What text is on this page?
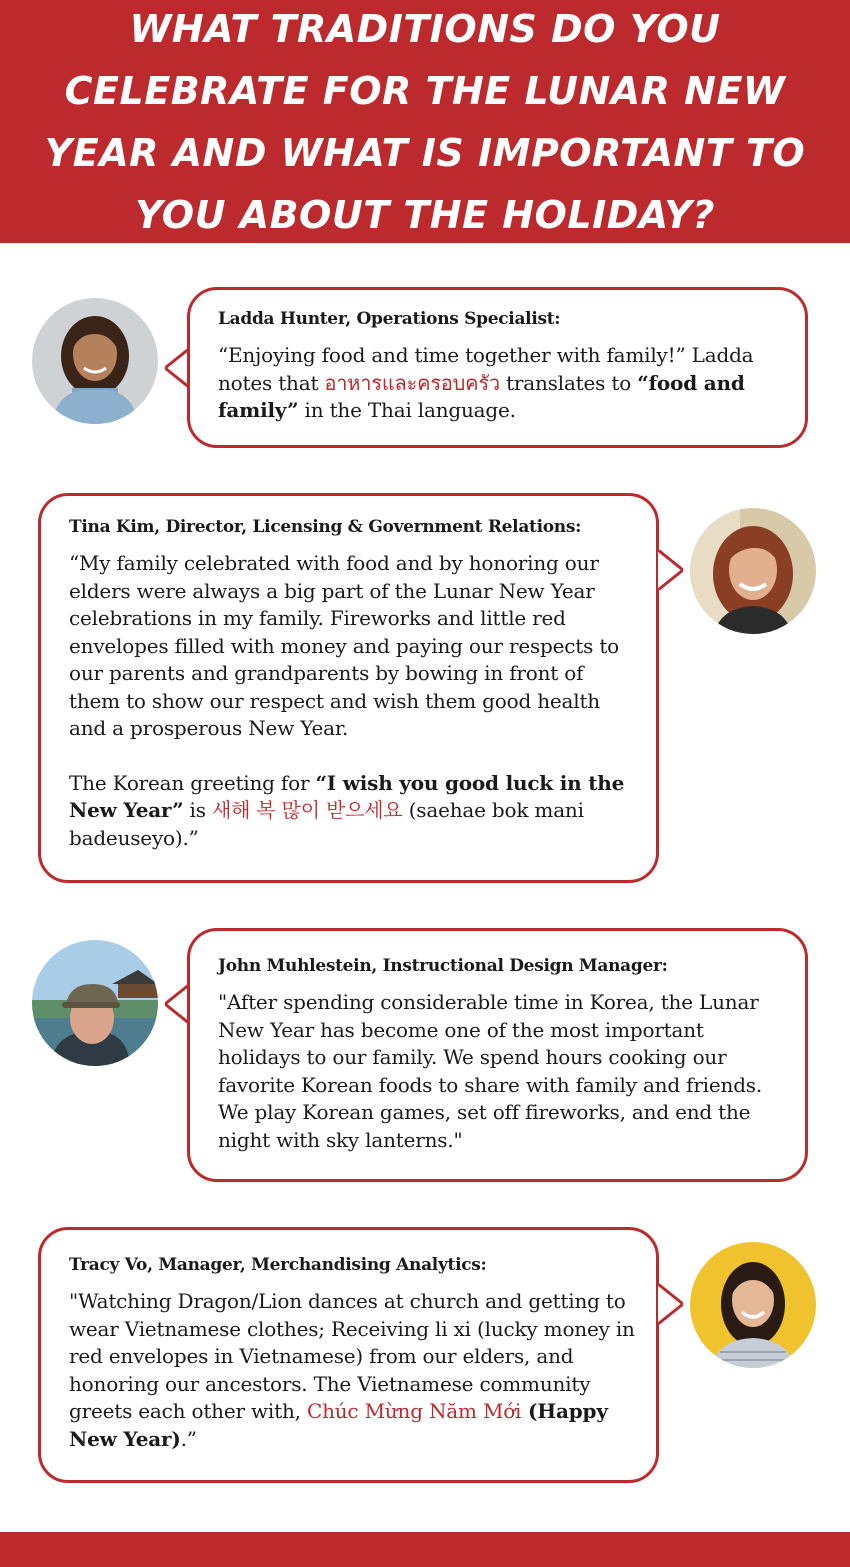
WHAT TRADITIONS DO YOU CELEBRATE FOR THE LUNAR NEW YEAR AND WHAT IS IMPORTANT TO YOU ABOUT THE HOLIDAY?
Ladda Hunter, Operations Specialist:
“Enjoying food and time together with family!” Ladda notes that อาหารและครอบครัว translates to “food and family” in the Thai language.
Tina Kim, Director, Licensing & Government Relations:
“My family celebrated with food and by honoring our elders were always a big part of the Lunar New Year celebrations in my family. Fireworks and little red envelopes filled with money and paying our respects to our parents and grandparents by bowing in front of them to show our respect and wish them good health and a prosperous New Year.
The Korean greeting for “I wish you good luck in the New Year” is 새해 복 많이 받으세요 (saehae bok mani badeuseyo).”
John Muhlestein, Instructional Design Manager:
"After spending considerable time in Korea, the Lunar New Year has become one of the most important holidays to our family. We spend hours cooking our favorite Korean foods to share with family and friends. We play Korean games, set off fireworks, and end the night with sky lanterns."
Tracy Vo, Manager, Merchandising Analytics:
"Watching Dragon/Lion dances at church and getting to wear Vietnamese clothes; Receiving li xi (lucky money in red envelopes in Vietnamese) from our elders, and honoring our ancestors. The Vietnamese community greets each other with, Chúc Mừng Năm Mới (Happy New Year).”
